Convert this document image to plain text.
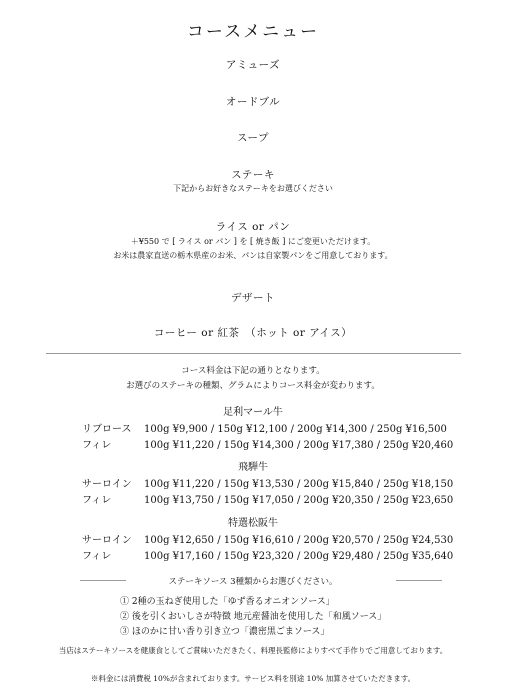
コースメニュー
アミューズ
オードブル
スープ
ステーキ
下記からお好きなステーキをお選びください
ライス or パン
＋¥550 で [ ライス or パン ] を [ 焼き飯 ] にご変更いただけます。
お米は農家直送の栃木県産のお米、パンは自家製パンをご用意しております。
デザート
コーヒー or 紅茶　（ホット or アイス）
コース料金は下記の通りとなります。
お選びのステーキの種類、グラムによりコース料金が変わります。
足利マール牛
リブロース 100g ¥9,900 / 150g ¥12,100 / 200g ¥14,300 / 250g ¥16,500
フィレ	100g ¥11,220 / 150g ¥14,300 / 200g ¥17,380 / 250g ¥20,460
飛騨牛
サーロイン 100g ¥11,220 / 150g ¥13,530 / 200g ¥15,840 / 250g ¥18,150
フィレ	100g ¥13,750 / 150g ¥17,050 / 200g ¥20,350 / 250g ¥23,650
特選松阪牛
サーロイン 100g ¥12,650 / 150g ¥16,610 / 200g ¥20,570 / 250g ¥24,530
フィレ	100g ¥17,160 / 150g ¥23,320 / 200g ¥29,480 / 250g ¥35,640
ステーキソース 3種類からお選びください。
① 2種の玉ねぎ使用した「ゆず香るオニオンソース」
② 後を引くおいしさが特徴 地元産醤油を使用した「和風ソース」
③ ほのかに甘い香り引き立つ「濃密黒ごまソース」
当店はステーキソースを健康食としてご賞味いただきたく、料理長監修によりすべて手作りでご用意しております。
※料金には消費税 10%が含まれております。サービス料を別途 10% 加算させていただきます。
